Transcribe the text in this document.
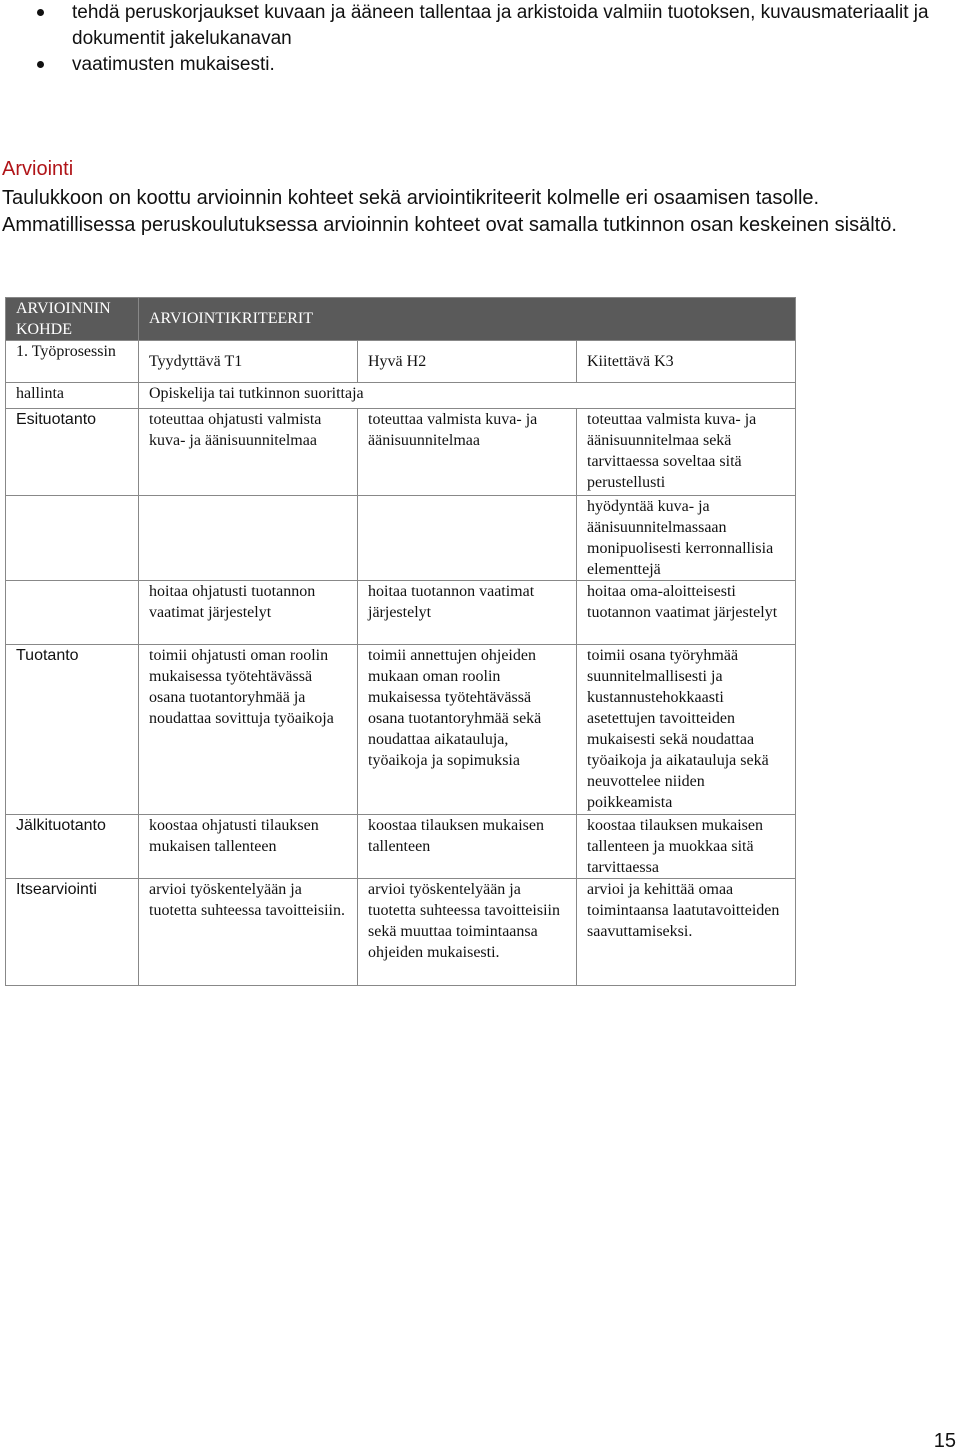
tehdä peruskorjaukset kuvaan ja ääneen tallentaa ja arkistoida valmiin tuotoksen, kuvausmateriaalit ja dokumentit jakelukanavan
vaatimusten mukaisesti.
Arviointi

Taulukkoon on koottu arvioinnin kohteet sekä arviointikriteerit kolmelle eri osaamisen tasolle. Ammatillisessa peruskoulutuksessa arvioinnin kohteet ovat samalla tutkinnon osan keskeinen sisältö.

ARVIOINNIN KOHDE	ARVIOINTIKRITEERIT		
1. Työprosessin	Tyydyttävä T1	Hyvä H2	Kiitettävä K3
hallinta	Opiskelija tai tutkinnon suorittaja		
Esituotanto	toteuttaa ohjatusti valmista kuva- ja äänisuunnitelmaa	toteuttaa valmista kuva- ja äänisuunnitelmaa	toteuttaa valmista kuva- ja äänisuunnitelmaa sekä tarvittaessa soveltaa sitä perustellusti
			hyödyntää kuva- ja äänisuunnitelmassaan monipuolisesti kerronnallisia elementtejä
	hoitaa ohjatusti tuotannon vaatimat järjestelyt	hoitaa tuotannon vaatimat järjestelyt	hoitaa oma-aloitteisesti tuotannon vaatimat järjestelyt
Tuotanto	toimii ohjatusti oman roolin mukaisessa työtehtävässä osana tuotantoryhmää ja noudattaa sovittuja työaikoja	toimii annettujen ohjeiden mukaan oman roolin mukaisessa työtehtävässä osana tuotantoryhmää sekä noudattaa aikatauluja, työaikoja ja sopimuksia	toimii osana työryhmää suunnitelmallisesti ja kustannustehokkaasti asetettujen tavoitteiden mukaisesti sekä noudattaa työaikoja ja aikatauluja sekä neuvottelee niiden poikkeamista
Jälkituotanto	koostaa ohjatusti tilauksen mukaisen tallenteen	koostaa tilauksen mukaisen tallenteen	koostaa tilauksen mukaisen tallenteen ja muokkaa sitä tarvittaessa
Itsearviointi	arvioi työskentelyään ja tuotetta suhteessa tavoitteisiin.	arvioi työskentelyään ja tuotetta suhteessa tavoitteisiin sekä muuttaa toimintaansa ohjeiden mukaisesti.	arvioi ja kehittää omaa toimintaansa laatutavoitteiden saavuttamiseksi.
15
